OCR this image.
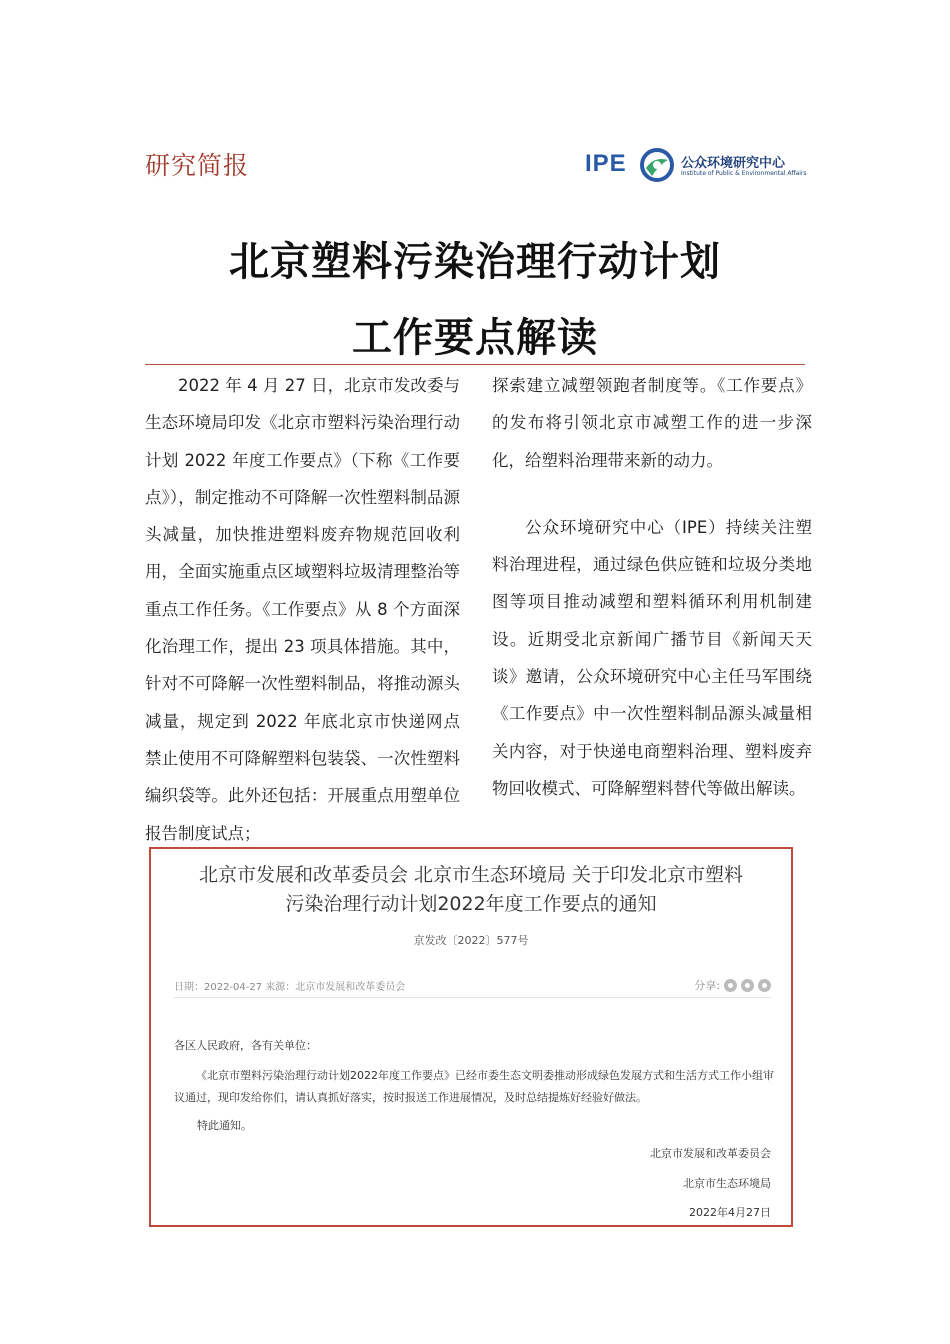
研究简报	IPE	公众环境研究中心
Institute of Public & Environmental Affairs
北京塑料污染治理行动计划
工作要点解读

2022 年 4 月 27 日，北京市发改委与生态环境局印发《北京市塑料污染治理行动计划 2022 年度工作要点》（下称《工作要点》），制定推动不可降解一次性塑料制品源头减量，加快推进塑料废弃物规范回收利用，全面实施重点区域塑料垃圾清理整治等重点工作任务。《工作要点》从 8 个方面深化治理工作，提出 23 项具体措施。其中，针对不可降解一次性塑料制品，将推动源头减量，规定到 2022 年底北京市快递网点禁止使用不可降解塑料包装袋、一次性塑料编织袋等。此外还包括：开展重点用塑单位报告制度试点；

探索建立减塑领跑者制度等。《工作要点》的发布将引领北京市减塑工作的进一步深化，给塑料治理带来新的动力。

公众环境研究中心（IPE）持续关注塑料治理进程，通过绿色供应链和垃圾分类地图等项目推动减塑和塑料循环利用机制建设。近期受北京新闻广播节目《新闻天天谈》邀请，公众环境研究中心主任马军围绕《工作要点》中一次性塑料制品源头减量相关内容，对于快递电商塑料治理、塑料废弃物回收模式、可降解塑料替代等做出解读。

北京市发展和改革委员会 北京市生态环境局 关于印发北京市塑料
污染治理行动计划2022年度工作要点的通知
京发改〔2022〕577号
日期：2022-04-27 来源：北京市发展和改革委员会	分享:
各区人民政府，各有关单位：
《北京市塑料污染治理行动计划2022年度工作要点》已经市委生态文明委推动形成绿色发展方式和生活方式工作小组审议通过，现印发给你们，请认真抓好落实，按时报送工作进展情况，及时总结提炼好经验好做法。
特此通知。
北京市发展和改革委员会
北京市生态环境局
2022年4月27日
